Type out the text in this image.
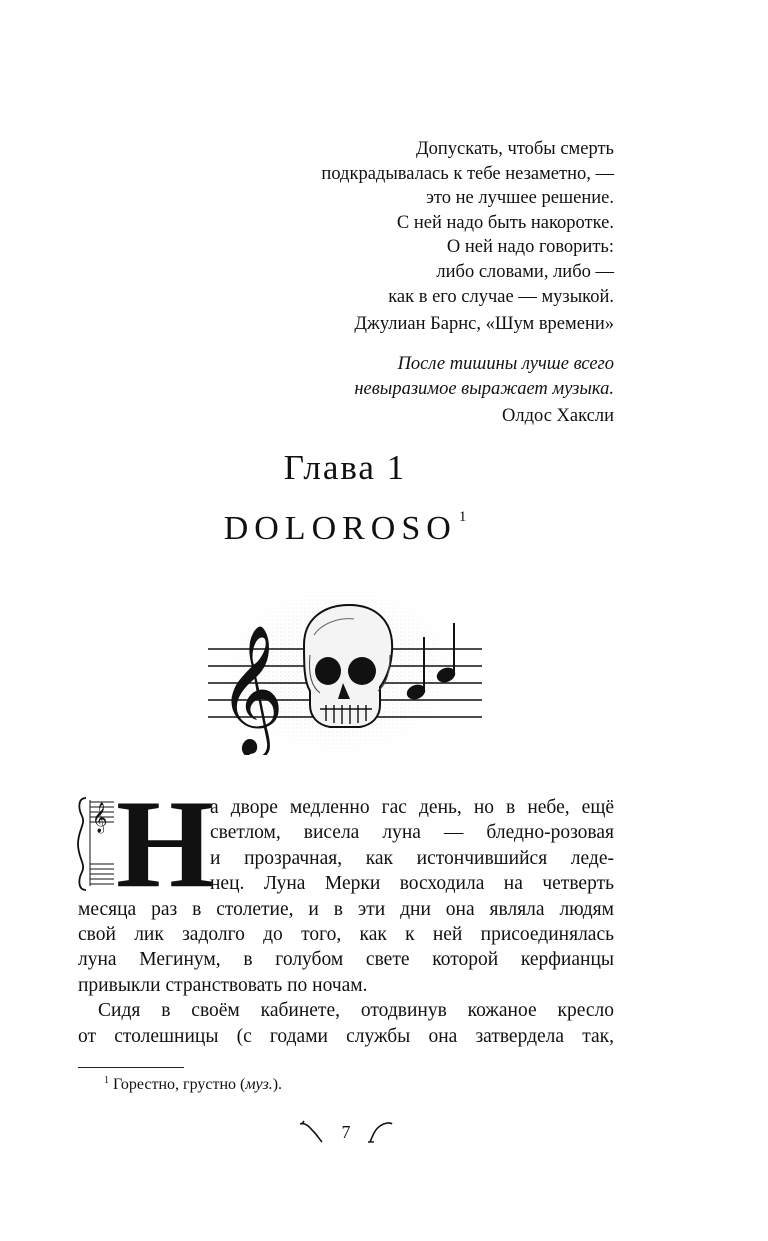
Допускать, чтобы смерть
подкрадывалась к тебе незаметно, —
это не лучшее решение.
С ней надо быть накоротке.
О ней надо говорить:
либо словами, либо —
как в его случае — музыкой.
Джулиан Барнс, «Шум времени»
После тишины лучше всего
невыразимое выражает музыка.
Олдос Хаксли
Глава 1
DOLOROSO $^1$
𝄞
𝄞 Н
а дворе медленно гас день, но в небе, ещё
светлом, висела луна — бледно-розовая
и прозрачная, как истончившийся леде-
нец. Луна Мерки восходила на четверть
месяца раз в столетие, и в эти дни она являла людям
свой лик задолго до того, как к ней присоединялась
луна Мегинум, в голубом свете которой керфианцы
привыкли странствовать по ночам.
Сидя в своём кабинете, отодвинув кожаное кресло
от столешницы (с годами службы она затвердела так,
$^1$ Горестно, грустно (муз.).
7
